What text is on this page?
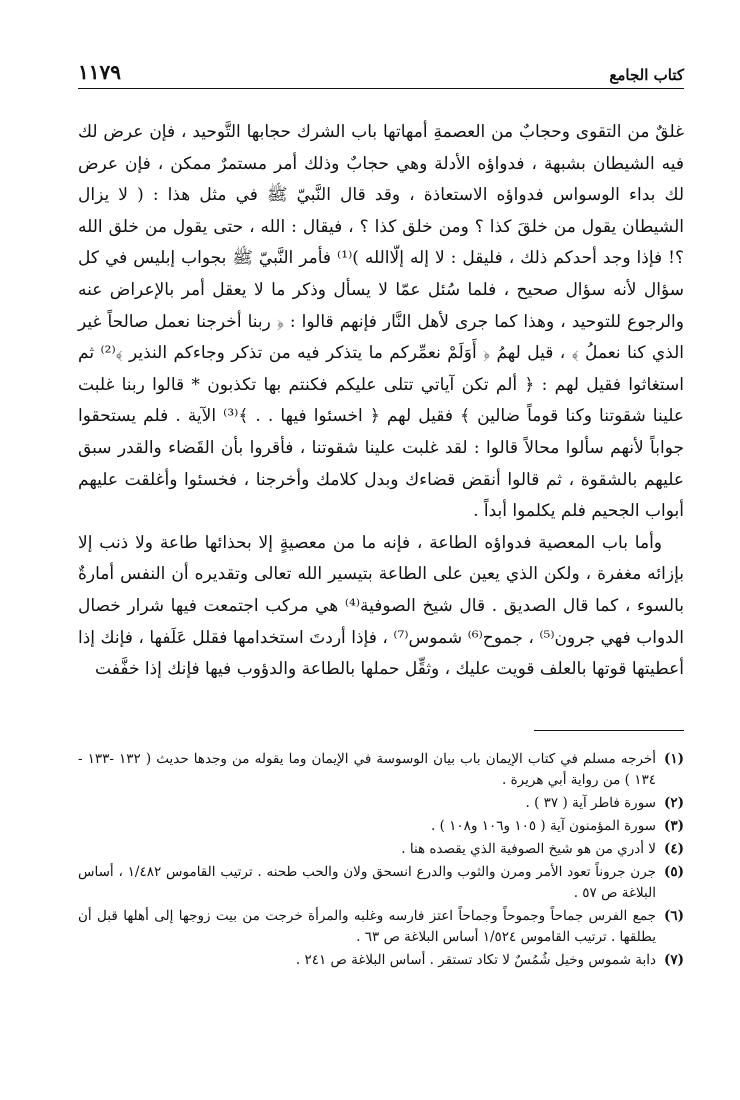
كتاب الجامع
١١٧٩

غلقٌ من التقوى وحجابٌ من العصمةِ أمهاتها باب الشرك حجابها التَّوحيد ، فإن عرض لك فيه الشيطان بشبهة ، فدواؤه الأدلة وهي حجابٌ وذلك أمر مستمرٌ ممكن ، فإن عرض لك بداء الوسواس فدواؤه الاستعاذة ، وقد قال النَّبيّ ﷺ في مثل هذا : ( لا يزال الشيطان يقول من خلقَ كذا ؟ ومن خلق كذا ؟ ، فيقال : الله ، حتى يقول من خلق الله ؟! فإذا وجد أحدكم ذلك ، فليقل : لا إله إلّاالله )⁽¹⁾ فأمر النَّبيّ ﷺ بجواب إبليس في كل سؤال لأنه سؤال صحيح ، فلما سُئل عمّا لا يسأل وذكر ما لا يعقل أمر بالإعراض عنه والرجوع للتوحيد ، وهذا كما جرى لأهل النَّار فإنهم قالوا : ﴿ ربنا أخرجنا نعمل صالحاً غير الذي كنا نعملُ ﴾ ، قيل لهمُ ﴿ أَوَلَمْ نعمِّركم ما يتذكر فيه من تذكر وجاءكم النذير ﴾⁽²⁾ ثم استغاثوا فقيل لهم : ﴿ ألم تكن آياتي تتلى عليكم فكنتم بها تكذبون * قالوا ربنا غلبت علينا شقوتنا وكنا قوماً ضالين ﴾ فقيل لهم ﴿ اخسئوا فيها . . ﴾⁽³⁾ الآية . فلم يستحقوا جواباً لأنهم سألوا محالاً قالوا : لقد غلبت علينا شقوتنا ، فأقروا بأن القَضاء والقدر سبق عليهم بالشقوة ، ثم قالوا أنقض قضاءك وبدل كلامك وأخرجنا ، فخسئوا وأغلقت عليهم أبواب الجحيم فلم يكلموا أبداً .

وأما باب المعصية فدواؤه الطاعة ، فإنه ما من معصيةٍ إلا بحذائها طاعة ولا ذنب إلا بإزائه مغفرة ، ولكن الذي يعين على الطاعة بتيسير الله تعالى وتقديره أن النفس أمارةٌ بالسوء ، كما قال الصديق . قال شيخ الصوفية⁽⁴⁾ هي مركب اجتمعت فيها شرار خصال الدواب فهي جرون⁽⁵⁾ ، جموح⁽⁶⁾ شموس⁽⁷⁾ ، فإذا أردتَ استخدامها فقلل عَلَفها ، فإنك إذا أعطيتها قوتها بالعلف قويت عليك ، وثقِّل حملها بالطاعة والدؤوب فيها فإنك إذا خفَّفت

(١)
أخرجه مسلم في كتاب الإيمان باب بيان الوسوسة في الإيمان وما يقوله من وجدها حديث ( ١٣٢ -١٣٣ - ١٣٤ ) من رواية أبي هريرة .
(٢)
سورة فاطر آية ( ٣٧ ) .
(٣)
سورة المؤمنون آية ( ١٠٥ و١٠٦ و١٠٨ ) .
(٤)
لا أدري من هو شيخ الصوفية الذي يقصده هنا .
(٥)
جرن جروناً تعود الأمر ومرن والثوب والدرع انسحق ولان والحب طحنه . ترتيب القاموس ١/٤٨٢ ، أساس البلاغة ص ٥٧ .
(٦)
جمع الفرس جماحاً وجموحاً وجماحاً اعتز فارسه وغلبه والمرأة خرجت من بيت زوجها إلى أهلها قبل أن يطلقها . ترتيب القاموس ١/٥٢٤ أساس البلاغة ص ٦٣ .
(٧)
دابة شموس وخيل شُمُسٌ لا تكاد تستقر . أساس البلاغة ص ٢٤١ .
